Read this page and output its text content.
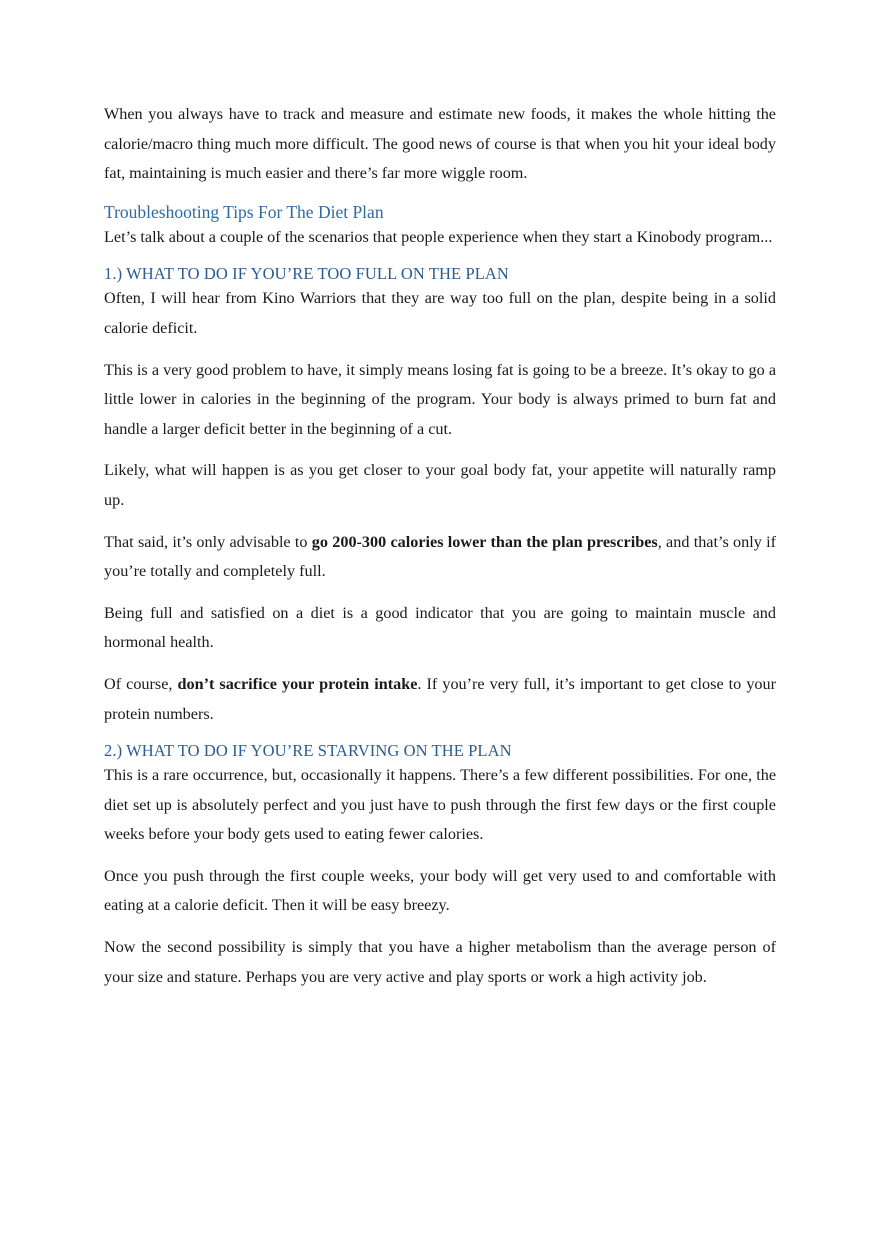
When you always have to track and measure and estimate new foods, it makes the whole hitting the calorie/macro thing much more difficult. The good news of course is that when you hit your ideal body fat, maintaining is much easier and there’s far more wiggle room.

Troubleshooting Tips For The Diet Plan

Let’s talk about a couple of the scenarios that people experience when they start a Kinobody program...

1.) WHAT TO DO IF YOU’RE TOO FULL ON THE PLAN

Often, I will hear from Kino Warriors that they are way too full on the plan, despite being in a solid calorie deficit.

This is a very good problem to have, it simply means losing fat is going to be a breeze. It’s okay to go a little lower in calories in the beginning of the program. Your body is always primed to burn fat and handle a larger deficit better in the beginning of a cut.

Likely, what will happen is as you get closer to your goal body fat, your appetite will naturally ramp up.

That said, it’s only advisable to go 200-300 calories lower than the plan prescribes, and that’s only if you’re totally and completely full.

Being full and satisfied on a diet is a good indicator that you are going to maintain muscle and hormonal health.

Of course, don’t sacrifice your protein intake. If you’re very full, it’s important to get close to your protein numbers.

2.) WHAT TO DO IF YOU’RE STARVING ON THE PLAN

This is a rare occurrence, but, occasionally it happens. There’s a few different possibilities. For one, the diet set up is absolutely perfect and you just have to push through the first few days or the first couple weeks before your body gets used to eating fewer calories.

Once you push through the first couple weeks, your body will get very used to and comfortable with eating at a calorie deficit. Then it will be easy breezy.

Now the second possibility is simply that you have a higher metabolism than the average person of your size and stature. Perhaps you are very active and play sports or work a high activity job.
